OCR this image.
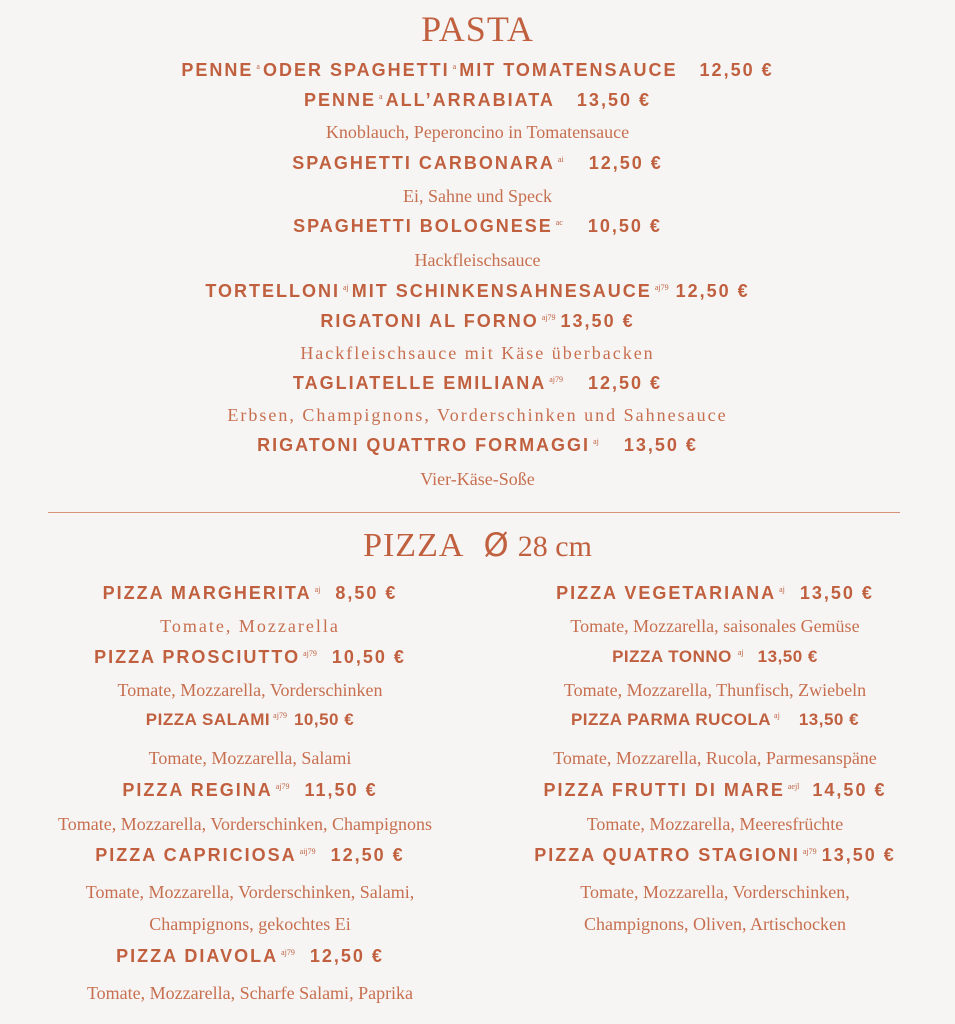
PASTA
PENNE $^a$ ODER SPAGHETTI $^a$ MIT TOMATENSAUCE 12,50 €
PENNE $^a$ ALL’ARRABIATA 13,50 €
Knoblauch, Peperoncino in Tomatensauce
SPAGHETTI CARBONARA $^{ai}$ 12,50 €
Ei, Sahne und Speck
SPAGHETTI BOLOGNESE $^{ac}$ 10,50 €
Hackfleischsauce
TORTELLONI $^{aj}$ MIT SCHINKENSAHNESAUCE $^{aj79}$ 12,50 €
RIGATONI AL FORNO $^{aj79}$ 13,50 €
Hackfleischsauce mit Käse überbacken
TAGLIATELLE EMILIANA $^{aj79}$ 12,50 €
Erbsen, Champignons, Vorderschinken und Sahnesauce
RIGATONI QUATTRO FORMAGGI $^{aj}$ 13,50 €
Vier-Käse-Soße
PIZZA Ø 28 cm
PIZZA MARGHERITA $^{aj}$ 8,50 €
Tomate, Mozzarella
PIZZA PROSCIUTTO $^{aj79}$ 10,50 €
Tomate, Mozzarella, Vorderschinken
PIZZA SALAMI $^{aj79}$ 10,50 €
Tomate, Mozzarella, Salami
PIZZA REGINA $^{aj79}$ 11,50 €
Tomate, Mozzarella, Vorderschinken, Champignons
PIZZA CAPRICIOSA $^{aij79}$ 12,50 €
Tomate, Mozzarella, Vorderschinken, Salami,
Champignons, gekochtes Ei
PIZZA DIAVOLA $^{aj79}$ 12,50 €
Tomate, Mozzarella, Scharfe Salami, Paprika
PIZZA VEGETARIANA $^{aj}$ 13,50 €
Tomate, Mozzarella, saisonales Gemüse
PIZZA TONNO $^{aj}$ 13,50 €
Tomate, Mozzarella, Thunfisch, Zwiebeln
PIZZA PARMA RUCOLA $^{aj}$ 13,50 €
Tomate, Mozzarella, Rucola, Parmesanspäne
PIZZA FRUTTI DI MARE $^{aejl}$ 14,50 €
Tomate, Mozzarella, Meeresfrüchte
PIZZA QUATRO STAGIONI $^{aj79}$ 13,50 €
Tomate, Mozzarella, Vorderschinken,
Champignons, Oliven, Artischocken
